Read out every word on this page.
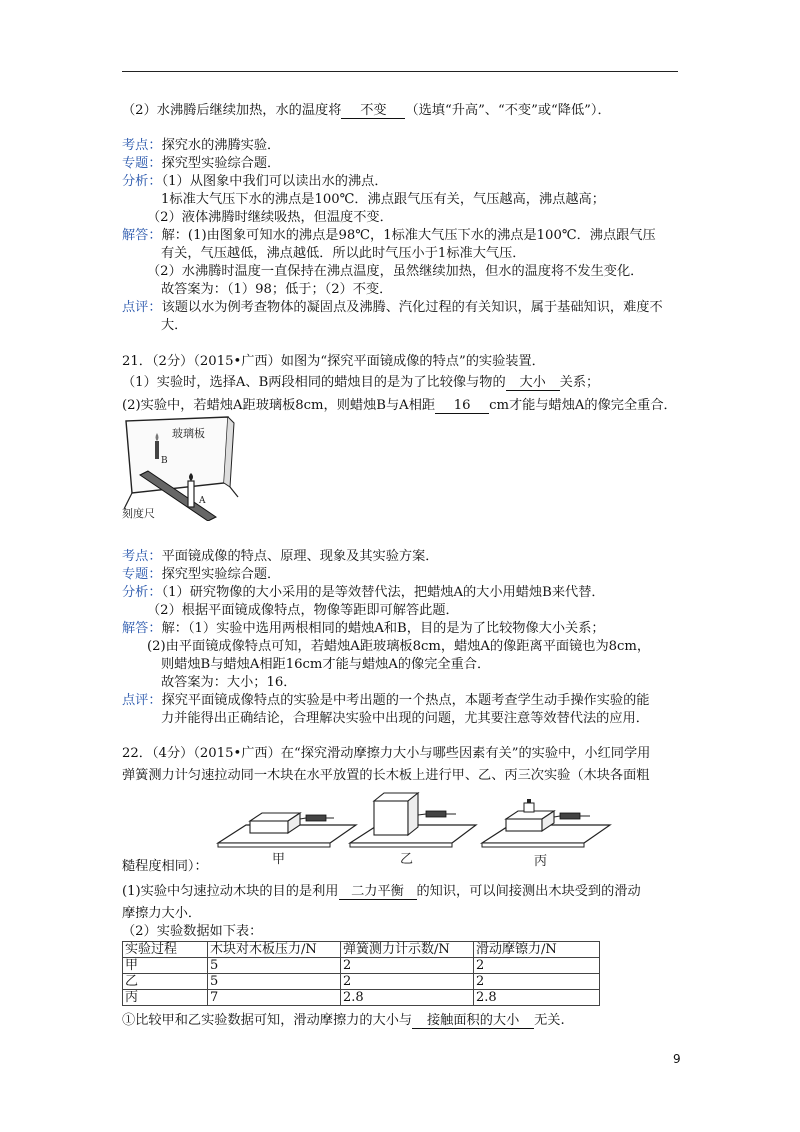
（2）水沸腾后继续加热，水的温度将 不变 （选填“升高”、“不变”或“降低”）．
考点：探究水的沸腾实验．
专题：探究型实验综合题．
分析：（1）从图象中我们可以读出水的沸点．
1标准大气压下水的沸点是100℃．沸点跟气压有关，气压越高，沸点越高；
（2）液体沸腾时继续吸热，但温度不变．
解答：解：(1)由图象可知水的沸点是98℃，1标准大气压下水的沸点是100℃．沸点跟气压
有关，气压越低，沸点越低．所以此时气压小于1标准大气压．
（2）水沸腾时温度一直保持在沸点温度，虽然继续加热，但水的温度将不发生变化．
故答案为：（1）98；低于；（2）不变．
点评：该题以水为例考查物体的凝固点及沸腾、汽化过程的有关知识，属于基础知识，难度不
大．
21．（2分）（2015•广西）如图为“探究平面镜成像的特点”的实验装置．
（1）实验时，选择A、B两段相同的蜡烛目的是为了比较像与物的 大小 关系；
(2)实验中，若蜡烛A距玻璃板8cm，则蜡烛B与A相距 16 cm才能与蜡烛A的像完全重合．
玻璃板
B
A
刻度尺
考点：平面镜成像的特点、原理、现象及其实验方案．
专题：探究型实验综合题．
分析：（1）研究物像的大小采用的是等效替代法，把蜡烛A的大小用蜡烛B来代替．
（2）根据平面镜成像特点，物像等距即可解答此题．
解答：解：（1）实验中选用两根相同的蜡烛A和B，目的是为了比较物像大小关系；
(2)由平面镜成像特点可知，若蜡烛A距玻璃板8cm，蜡烛A的像距离平面镜也为8cm，
则蜡烛B与蜡烛A相距16cm才能与蜡烛A的像完全重合．
故答案为：大小；16．
点评：探究平面镜成像特点的实验是中考出题的一个热点，本题考查学生动手操作实验的能
力并能得出正确结论，合理解决实验中出现的问题，尤其要注意等效替代法的应用．
22．（4分）（2015•广西）在“探究滑动摩擦力大小与哪些因素有关”的实验中，小红同学用
弹簧测力计匀速拉动同一木块在水平放置的长木板上进行甲、乙、丙三次实验（木块各面粗
甲	乙	丙
糙程度相同）：
(1)实验中匀速拉动木块的目的是利用 二力平衡 的知识，可以间接测出木块受到的滑动
摩擦力大小．
（2）实验数据如下表：
实验过程	木块对木板压力/N	弹簧测力计示数/N	滑动摩镲力/N
甲	5	2	2
乙	5	2	2
丙	7	2.8	2.8
①比较甲和乙实验数据可知，滑动摩擦力的大小与 接触面积的大小 无关.
9
